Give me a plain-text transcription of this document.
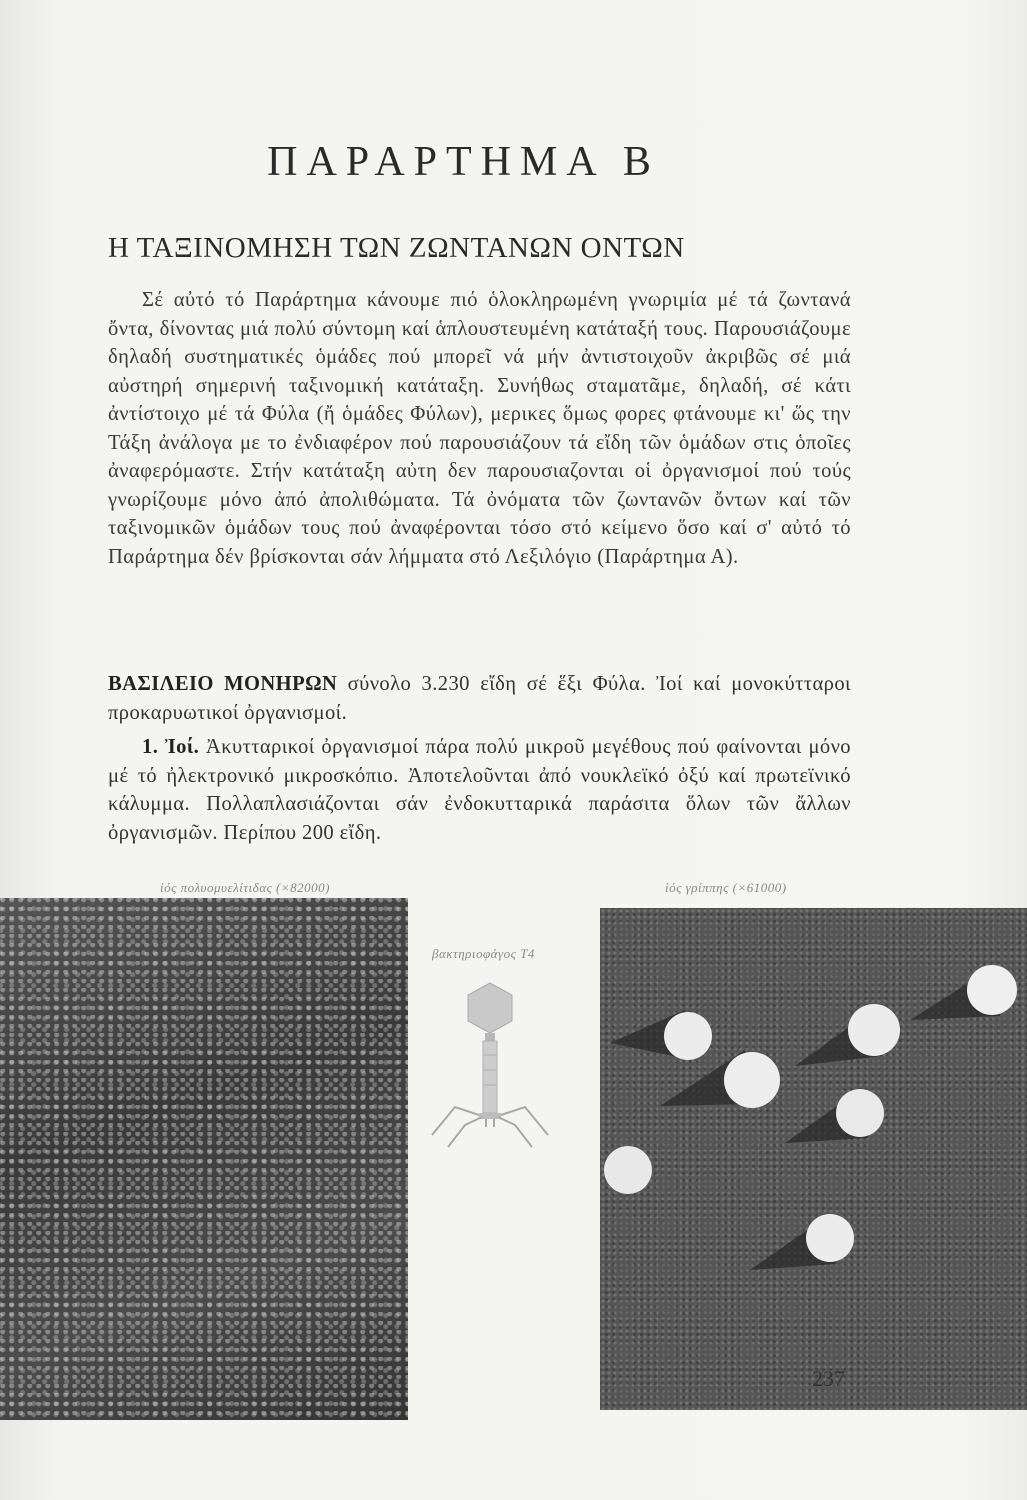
ΠΑΡΑΡΤΗΜΑ Β
Η ΤΑΞΙΝΟΜΗΣΗ ΤΩΝ ΖΩΝΤΑΝΩΝ ΟΝΤΩΝ

Σέ αὐτό τό Παράρτημα κάνουμε πιό ὁλοκληρωμένη γνωριμία μέ τά ζωντανά ὄντα, δίνοντας μιά πολύ σύντομη καί ἁπλουστευμένη κατάταξή τους. Παρουσιάζουμε δηλαδή συστηματικές ὁμάδες πού μπορεῖ νά μήν ἀντιστοιχοῦν ἀκριβῶς σέ μιά αὐστηρή σημερινή ταξινομική κατάταξη. Συνήθως σταματᾶμε, δηλαδή, σέ κάτι ἀντίστοιχο μέ τά Φύλα (ἤ ὁμάδες Φύλων), μερικες ὅμως φορες φτάνουμε κι' ὥς την Τάξη ἀνάλογα με το ἐνδιαφέρον πού παρουσιάζουν τά εἴδη τῶν ὁμάδων στις ὁποῖες ἀναφερόμαστε. Στήν κατάταξη αὐτη δεν παρουσιαζονται οἱ ὀργανισμοί πού τούς γνωρίζουμε μόνο ἀπό ἀπολιθώματα. Τά ὀνόματα τῶν ζωντανῶν ὄντων καί τῶν ταξινομικῶν ὁμάδων τους πού ἀναφέρονται τόσο στό κείμενο ὅσο καί σ' αὐτό τό Παράρτημα δέν βρίσκονται σάν λήμματα στό Λεξιλόγιο (Παράρτημα Α).

ΒΑΣΙΛΕΙΟ ΜΟΝΗΡΩΝ σύνολο 3.230 εἴδη σέ ἕξι Φύλα. Ἰοί καί μονοκύτταροι προκαρυωτικοί ὀργανισμοί.

1. Ἰοί. Ἀκυτταρικοί ὀργανισμοί πάρα πολύ μικροῦ μεγέθους πού φαίνονται μόνο μέ τό ἠλεκτρονικό μικροσκόπιο. Ἀποτελοῦνται ἀπό νουκλεϊκό ὀξύ καί πρωτεϊνικό κάλυμμα. Πολλαπλασιάζονται σάν ἐνδοκυτταρικά παράσιτα ὅλων τῶν ἄλλων ὀργανισμῶν. Περίπου 200 εἴδη.

ἰός πολυομυελίτιδας (×82000)	ἰός γρίππης (×61000)
βακτηριοφάγος Τ4
237
